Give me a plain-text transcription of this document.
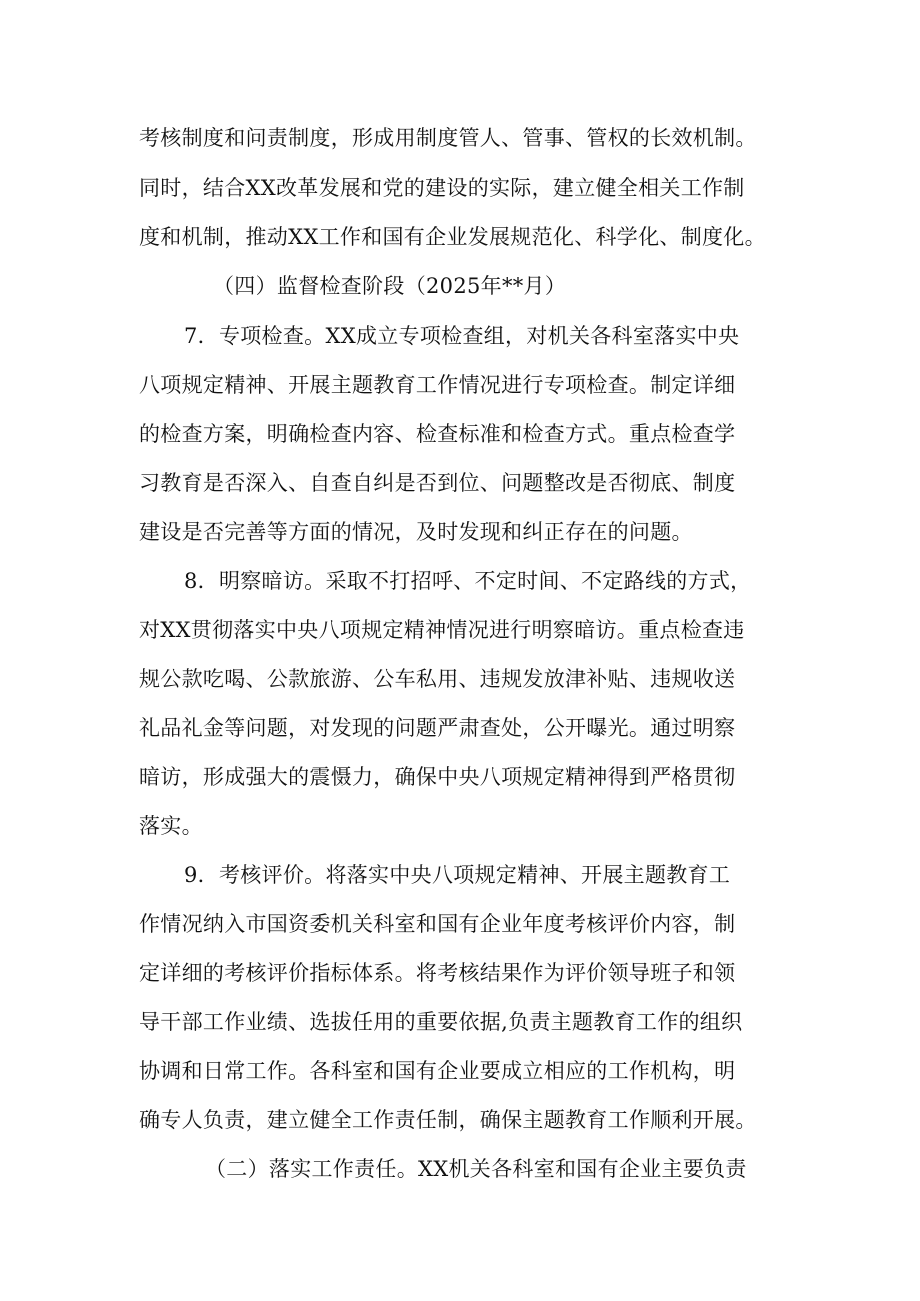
考核制度和问责制度，形成用制度管人、管事、管权的长效机制。
同时，结合XX改革发展和党的建设的实际，建立健全相关工作制
度和机制，推动XX工作和国有企业发展规范化、科学化、制度化。
（四）监督检查阶段（2025年**月）
7．专项检查。XX成立专项检查组，对机关各科室落实中央
八项规定精神、开展主题教育工作情况进行专项检查。制定详细
的检查方案，明确检查内容、检查标准和检查方式。重点检查学
习教育是否深入、自查自纠是否到位、问题整改是否彻底、制度
建设是否完善等方面的情况，及时发现和纠正存在的问题。
8．明察暗访。采取不打招呼、不定时间、不定路线的方式，
对XX贯彻落实中央八项规定精神情况进行明察暗访。重点检查违
规公款吃喝、公款旅游、公车私用、违规发放津补贴、违规收送
礼品礼金等问题，对发现的问题严肃查处，公开曝光。通过明察
暗访，形成强大的震慑力，确保中央八项规定精神得到严格贯彻
落实。
9．考核评价。将落实中央八项规定精神、开展主题教育工
作情况纳入市国资委机关科室和国有企业年度考核评价内容，制
定详细的考核评价指标体系。将考核结果作为评价领导班子和领
导干部工作业绩、选拔任用的重要依据,负责主题教育工作的组织
协调和日常工作。各科室和国有企业要成立相应的工作机构，明
确专人负责，建立健全工作责任制，确保主题教育工作顺利开展。
（二）落实工作责任。XX机关各科室和国有企业主要负责
